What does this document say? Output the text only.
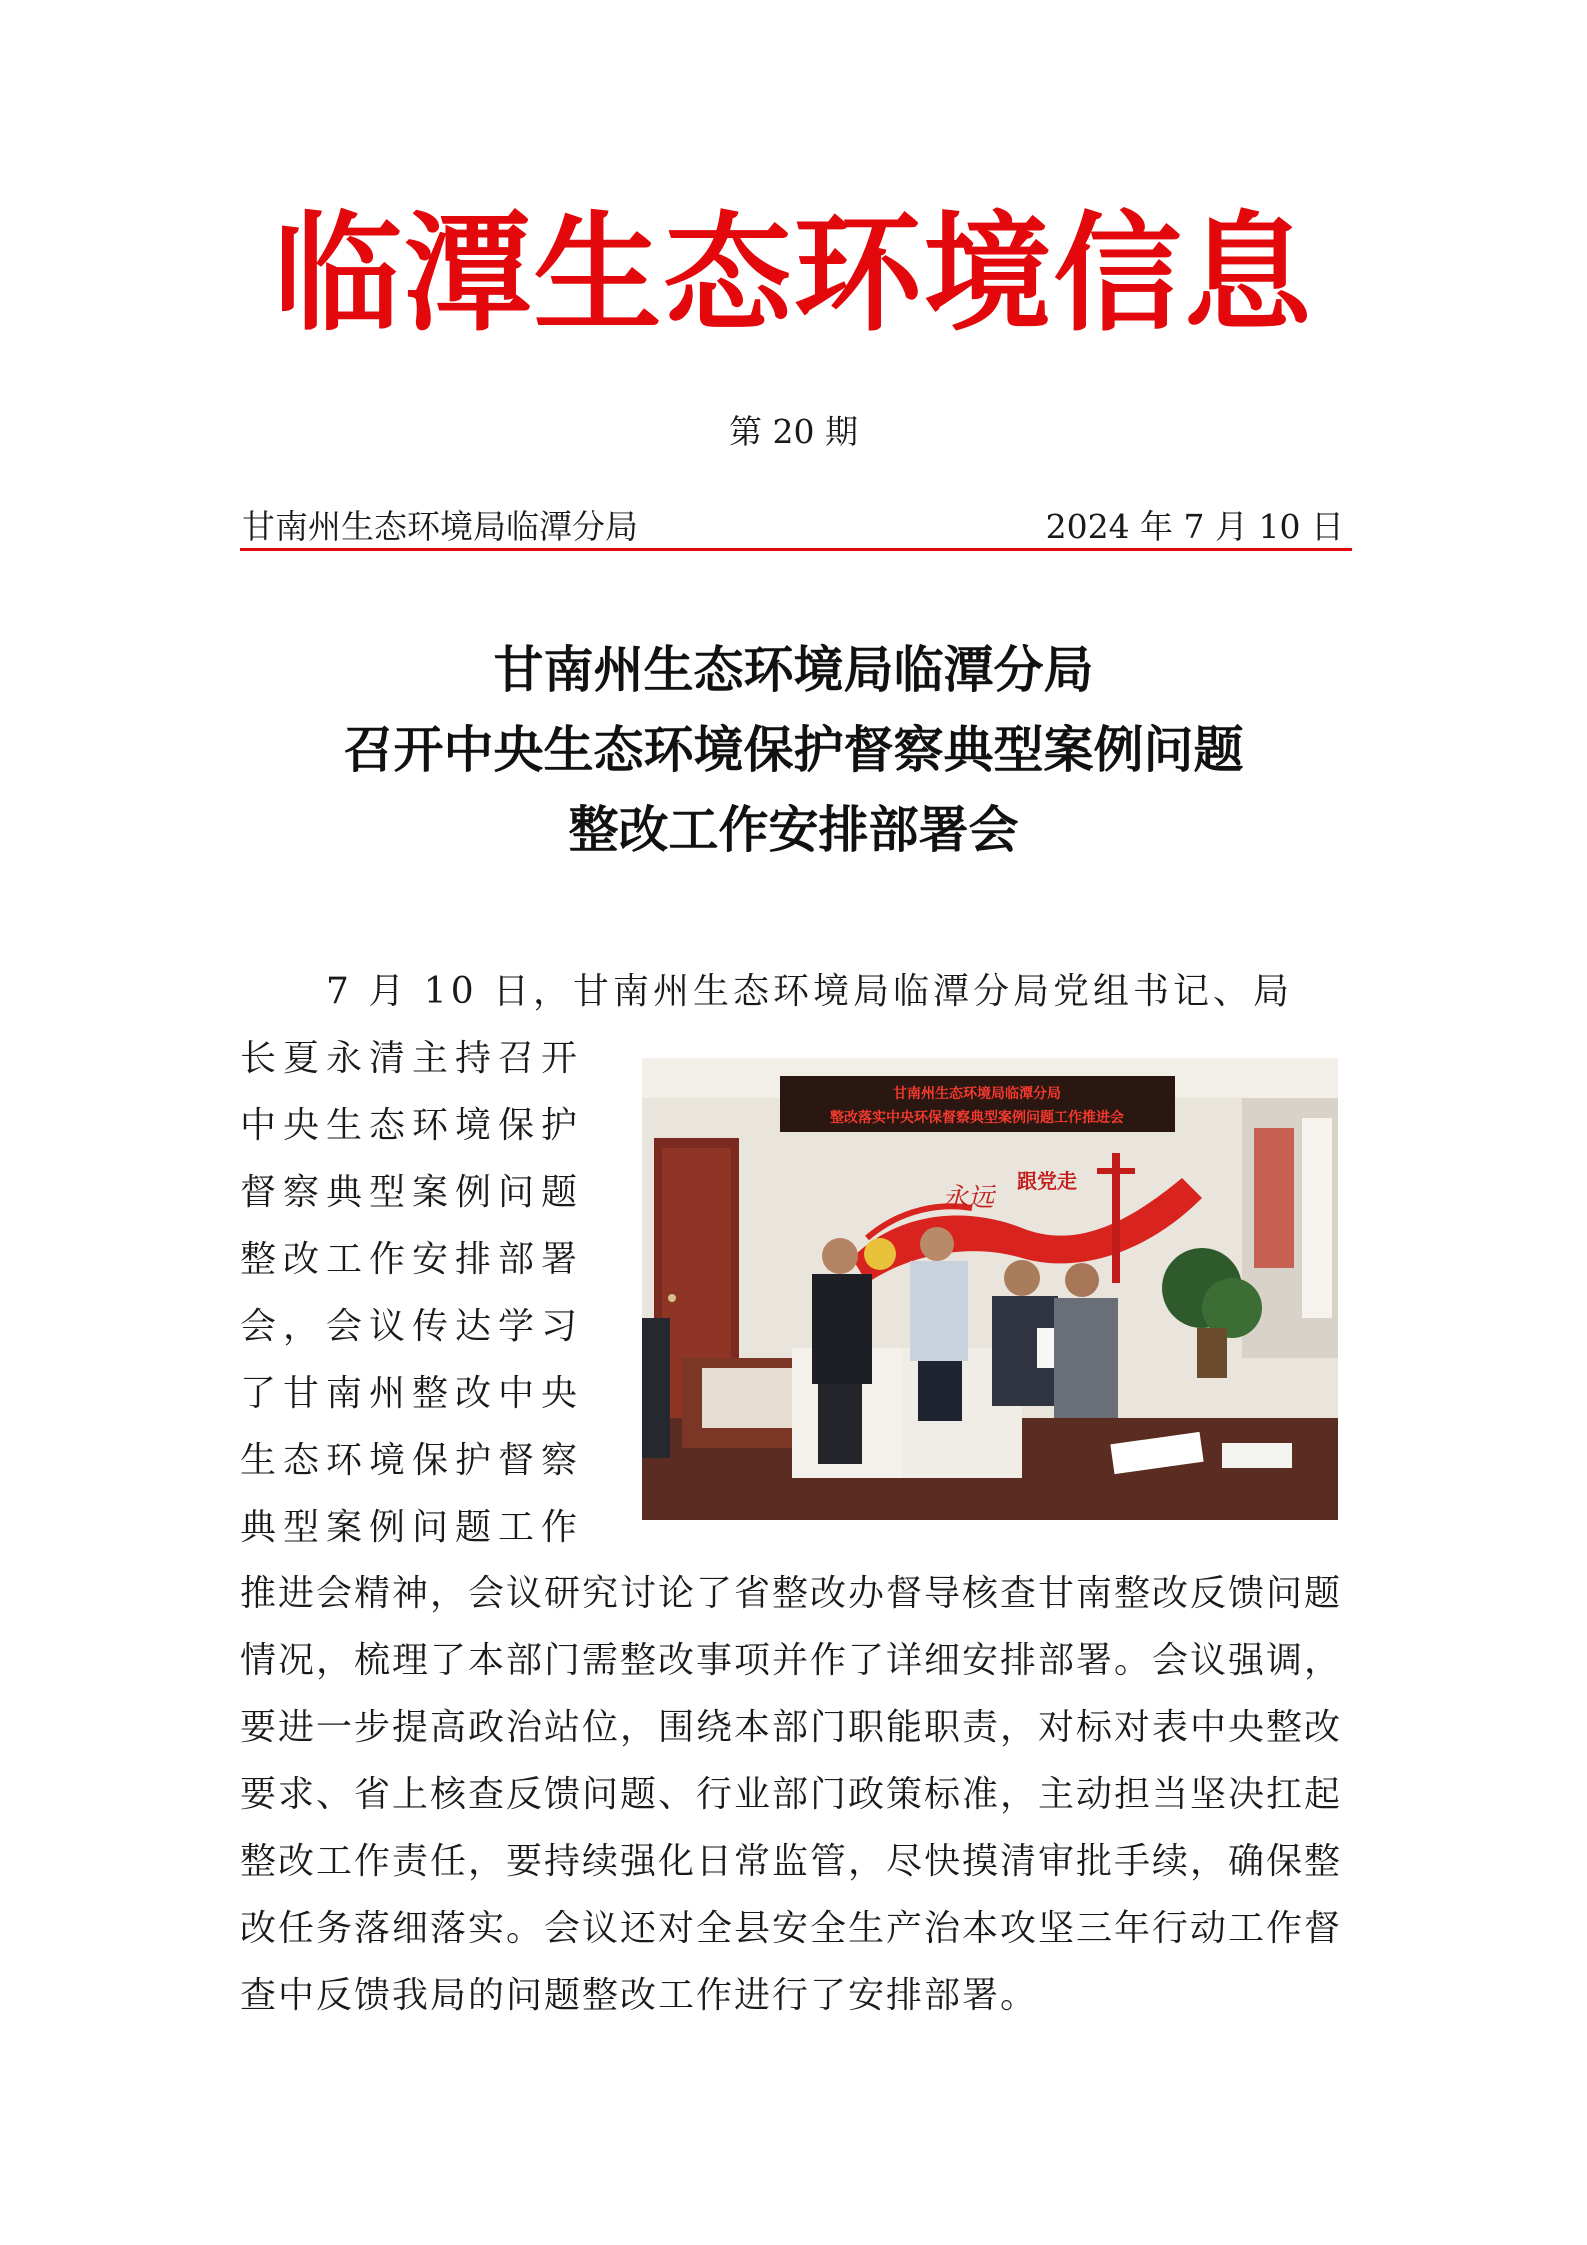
临潭生态环境信息
第 20 期
甘南州生态环境局临潭分局	2024 年 7 月 10 日
甘南州生态环境局临潭分局
召开中央生态环境保护督察典型案例问题
整改工作安排部署会
7 月 10 日，甘南州生态环境局临潭分局党组书记、局
长夏永清主持召开
中央生态环境保护
督察典型案例问题
整改工作安排部署
会，会议传达学习
了甘南州整改中央
生态环境保护督察
典型案例问题工作
甘南州生态环境局临潭分局
整改落实中央环保督察典型案例问题工作推进会
永远
跟党走
推进会精神，会议研究讨论了省整改办督导核查甘南整改反馈问题情况，梳理了本部门需整改事项并作了详细安排部署。会议强调，要进一步提高政治站位，围绕本部门职能职责，对标对表中央整改要求、省上核查反馈问题、行业部门政策标准，主动担当坚决扛起整改工作责任，要持续强化日常监管，尽快摸清审批手续，确保整改任务落细落实。会议还对全县安全生产治本攻坚三年行动工作督查中反馈我局的问题整改工作进行了安排部署。
